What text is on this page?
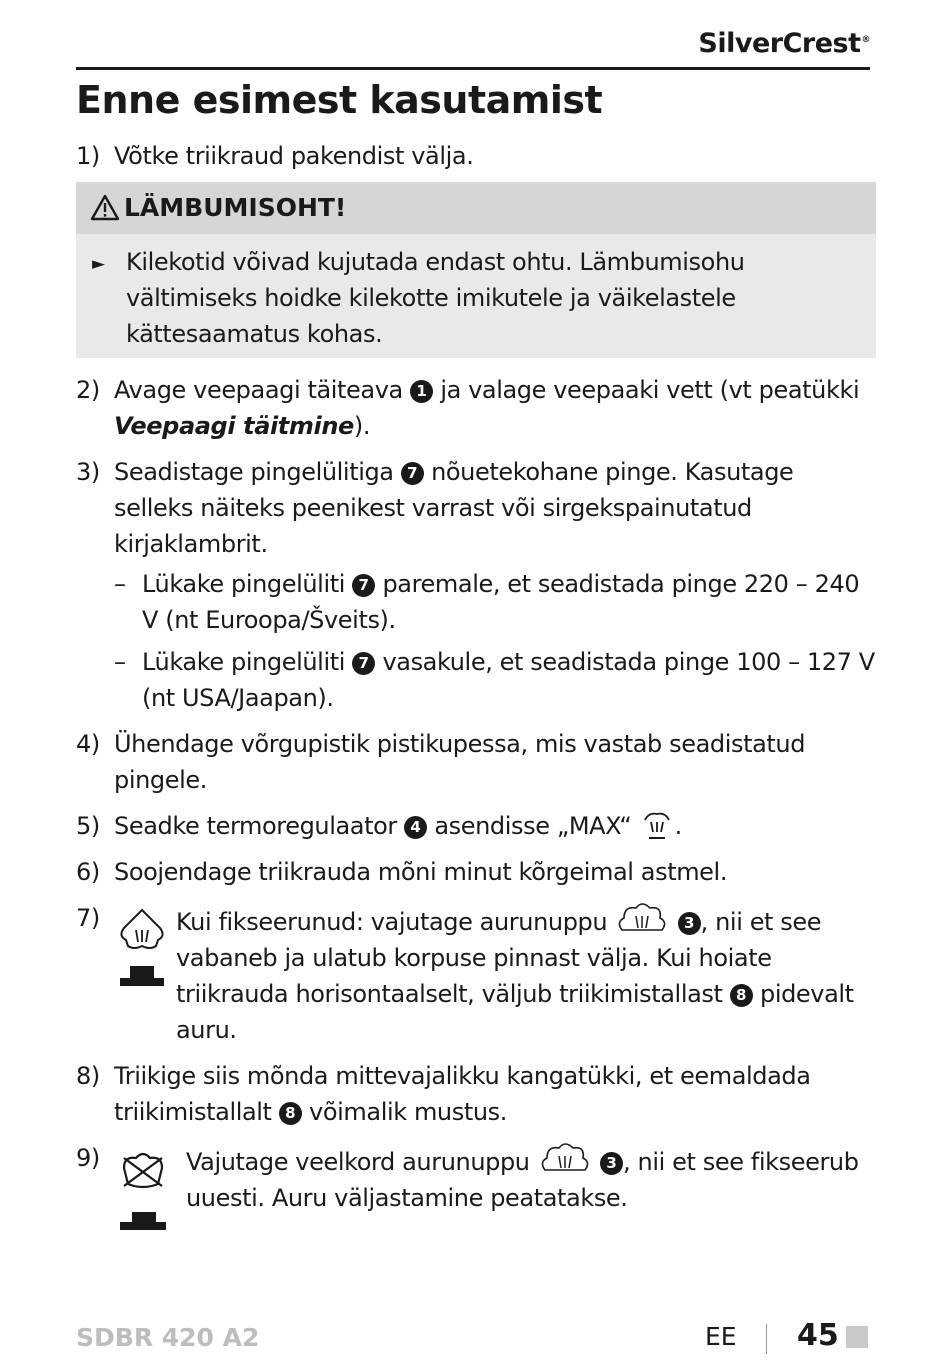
SilverCrest®
Enne esimest kasutamist
1) Võtke triikraud pakendist välja.
LÄMBUMISOHT!
► Kilekotid võivad kujutada endast ohtu. Lämbumisohu vältimiseks hoidke kilekotte imikutele ja väikelastele kättesaamatus kohas.
2) Avage veepaagi täiteava 1 ja valage veepaaki vett (vt peatükki Veepaagi täitmine).
3) Seadistage pingelülitiga 7 nõuetekohane pinge. Kasutage selleks näiteks peenikest varrast või sirgekspainutatud kirjaklambrit.
– Lükake pingelüliti 7 paremale, et seadistada pinge 220 – 240 V (nt Euroopa/Šveits).
– Lükake pingelüliti 7 vasakule, et seadistada pinge 100 – 127 V (nt USA/Jaapan).
4) Ühendage võrgupistik pistikupessa, mis vastab seadistatud pingele.
5) Seadke termoregulaator 4 asendisse „MAX“ .
6) Soojendage triikrauda mõni minut kõrgeimal astmel.
7)	Kui fikseerunud: vajutage aurunuppu	3 , nii et see vabaneb ja ulatub korpuse pinnast välja. Kui hoiate triikrauda horisontaalselt, väljub triikimistallast 8 pidevalt auru.
8) Triikige siis mõnda mittevajalikku kangatükki, et eemaldada triikimistallalt 8 võimalik mustus.
9)	Vajutage veelkord aurunuppu	3 , nii et see fikseerub uuesti. Auru väljastamine peatatakse.
SDBR 420 A2	EE 45
